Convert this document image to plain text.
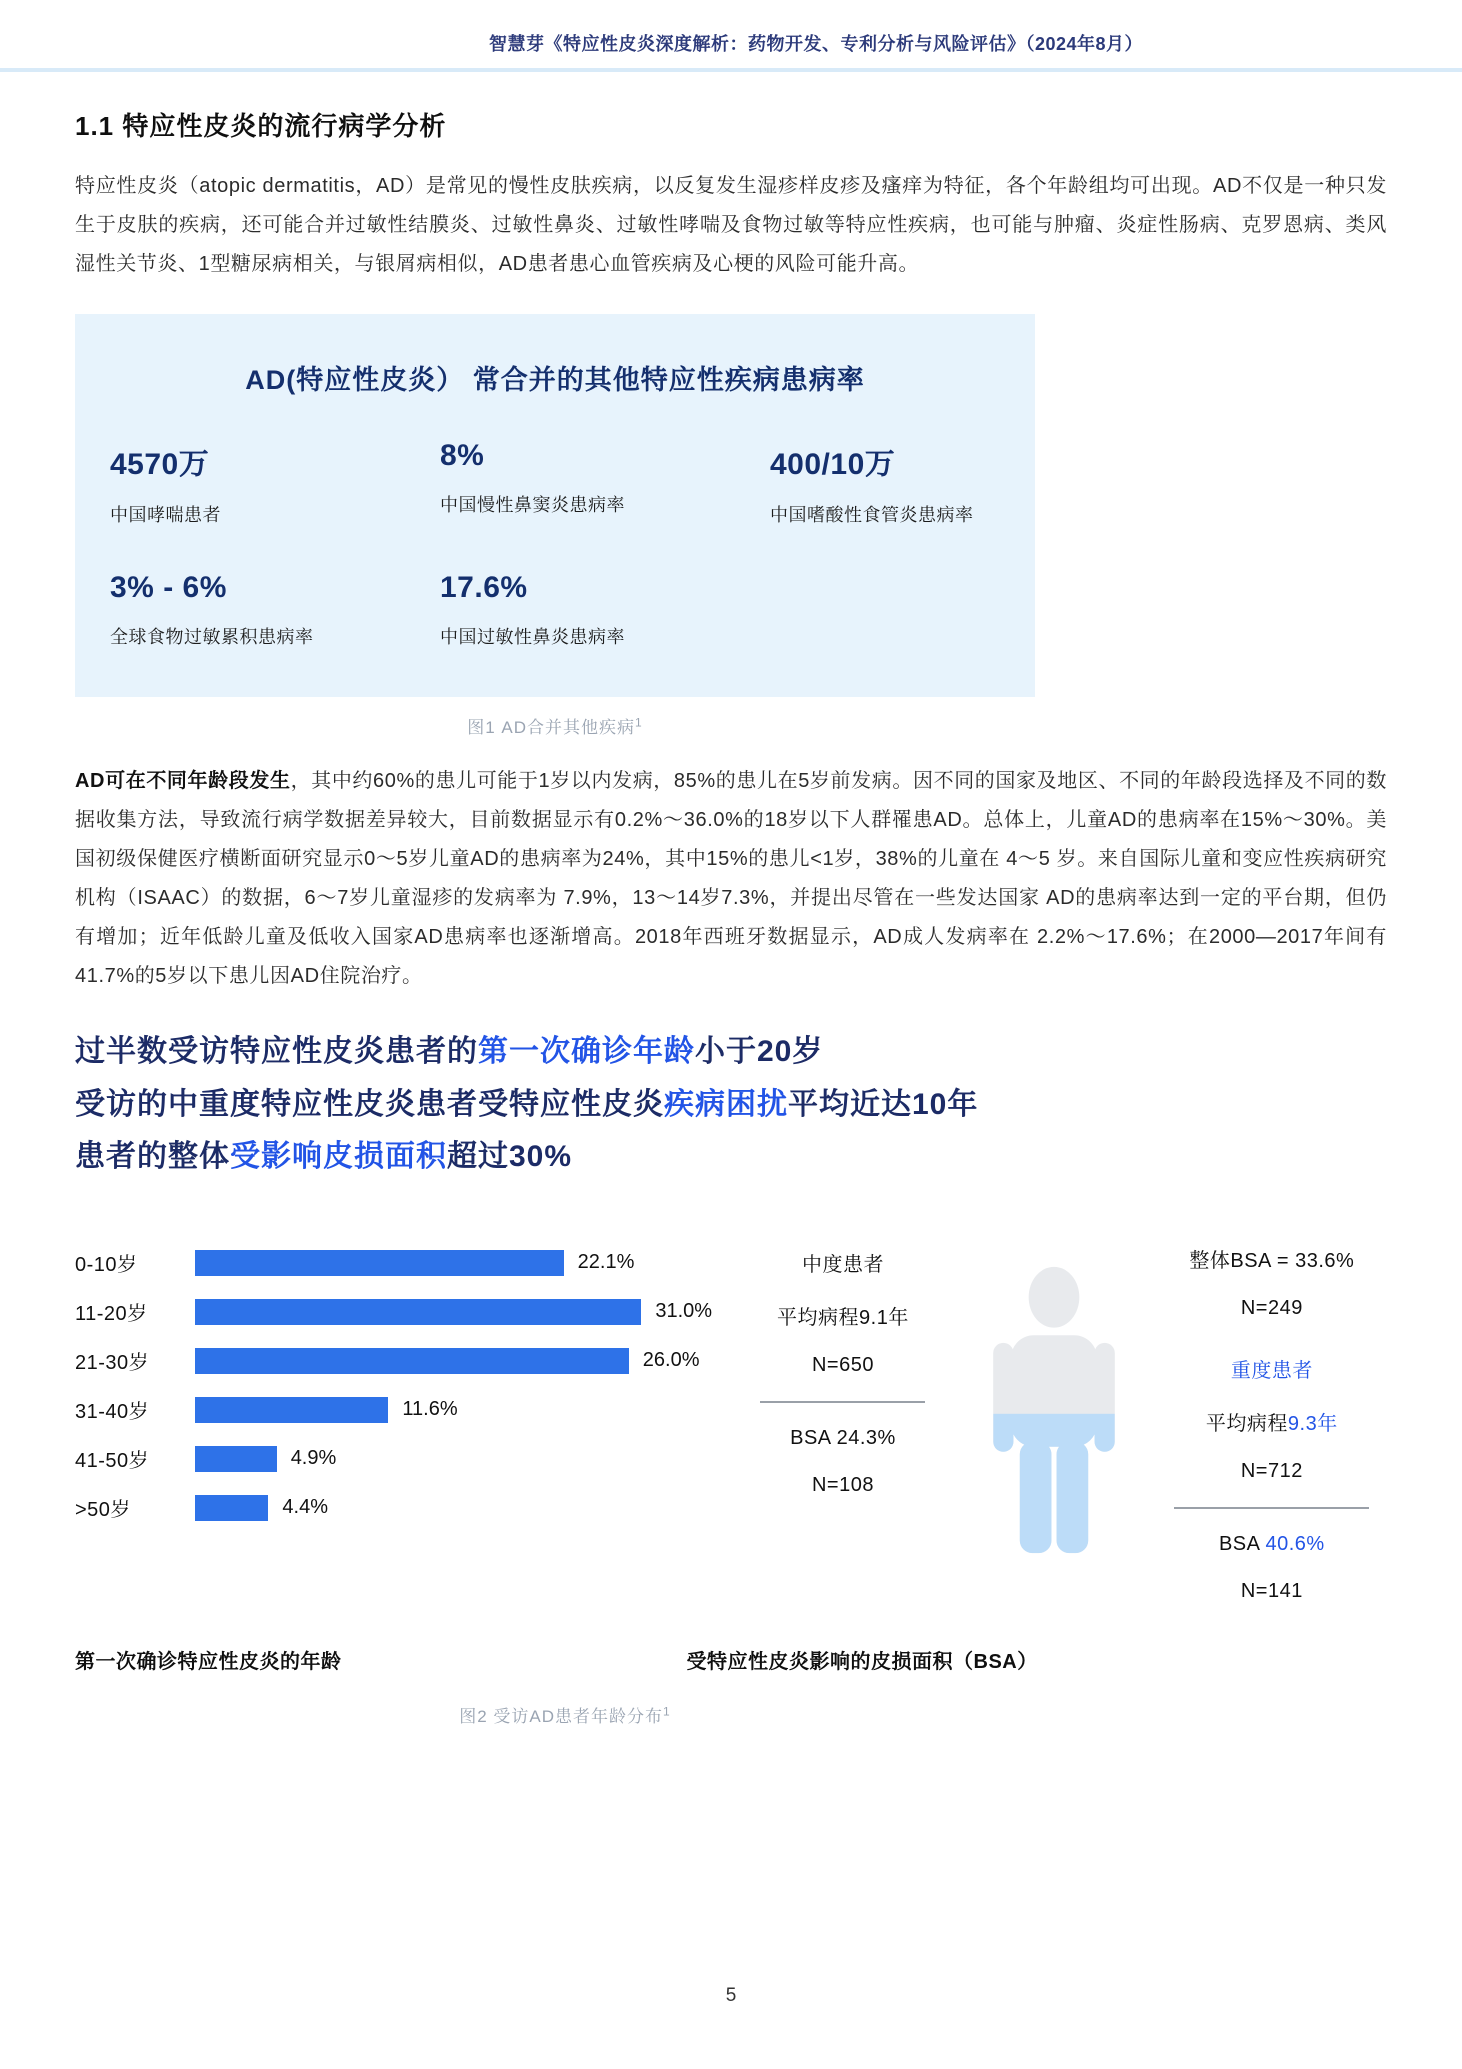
智慧芽《特应性皮炎深度解析：药物开发、专利分析与风险评估》（2024年8月）
1.1 特应性皮炎的流行病学分析

特应性皮炎（atopic dermatitis，AD）是常见的慢性皮肤疾病，以反复发生湿疹样皮疹及瘙痒为特征，各个年龄组均可出现。AD不仅是一种只发生于皮肤的疾病，还可能合并过敏性结膜炎、过敏性鼻炎、过敏性哮喘及食物过敏等特应性疾病，也可能与肿瘤、炎症性肠病、克罗恩病、类风湿性关节炎、1型糖尿病相关，与银屑病相似，AD患者患心血管疾病及心梗的风险可能升高。

AD(特应性皮炎） 常合并的其他特应性疾病患病率
4570万
中国哮喘患者
8%
中国慢性鼻窦炎患病率
400/10万
中国嗜酸性食管炎患病率
3% - 6%
全球食物过敏累积患病率
17.6%
中国过敏性鼻炎患病率
图1 AD合并其他疾病$^1$

AD可在不同年龄段发生，其中约60%的患儿可能于1岁以内发病，85%的患儿在5岁前发病。因不同的国家及地区、不同的年龄段选择及不同的数据收集方法，导致流行病学数据差异较大，目前数据显示有0.2%～36.0%的18岁以下人群罹患AD。总体上，儿童AD的患病率在15%～30%。美国初级保健医疗横断面研究显示0～5岁儿童AD的患病率为24%，其中15%的患儿<1岁，38%的儿童在 4～5 岁。来自国际儿童和变应性疾病研究机构（ISAAC）的数据，6～7岁儿童湿疹的发病率为 7.9%，13～14岁7.3%，并提出尽管在一些发达国家 AD的患病率达到一定的平台期，但仍有增加；近年低龄儿童及低收入国家AD患病率也逐渐增高。2018年西班牙数据显示，AD成人发病率在 2.2%～17.6%；在2000—2017年间有41.7%的5岁以下患儿因AD住院治疗。

过半数受访特应性皮炎患者的第一次确诊年龄小于20岁
受访的中重度特应性皮炎患者受特应性皮炎疾病困扰平均近达10年
患者的整体受影响皮损面积超过30%
0-10岁	22.1%
11-20岁	31.0%
21-30岁	26.0%
31-40岁	11.6%
41-50岁	4.9%
>50岁	4.4%
中度患者
平均病程9.1年
N=650
BSA 24.3%
N=108
整体BSA = 33.6%
N=249
重度患者
平均病程9.3年
N=712
BSA 40.6%
N=141
第一次确诊特应性皮炎的年龄	受特应性皮炎影响的皮损面积（BSA）
图2 受访AD患者年龄分布$^1$
5
